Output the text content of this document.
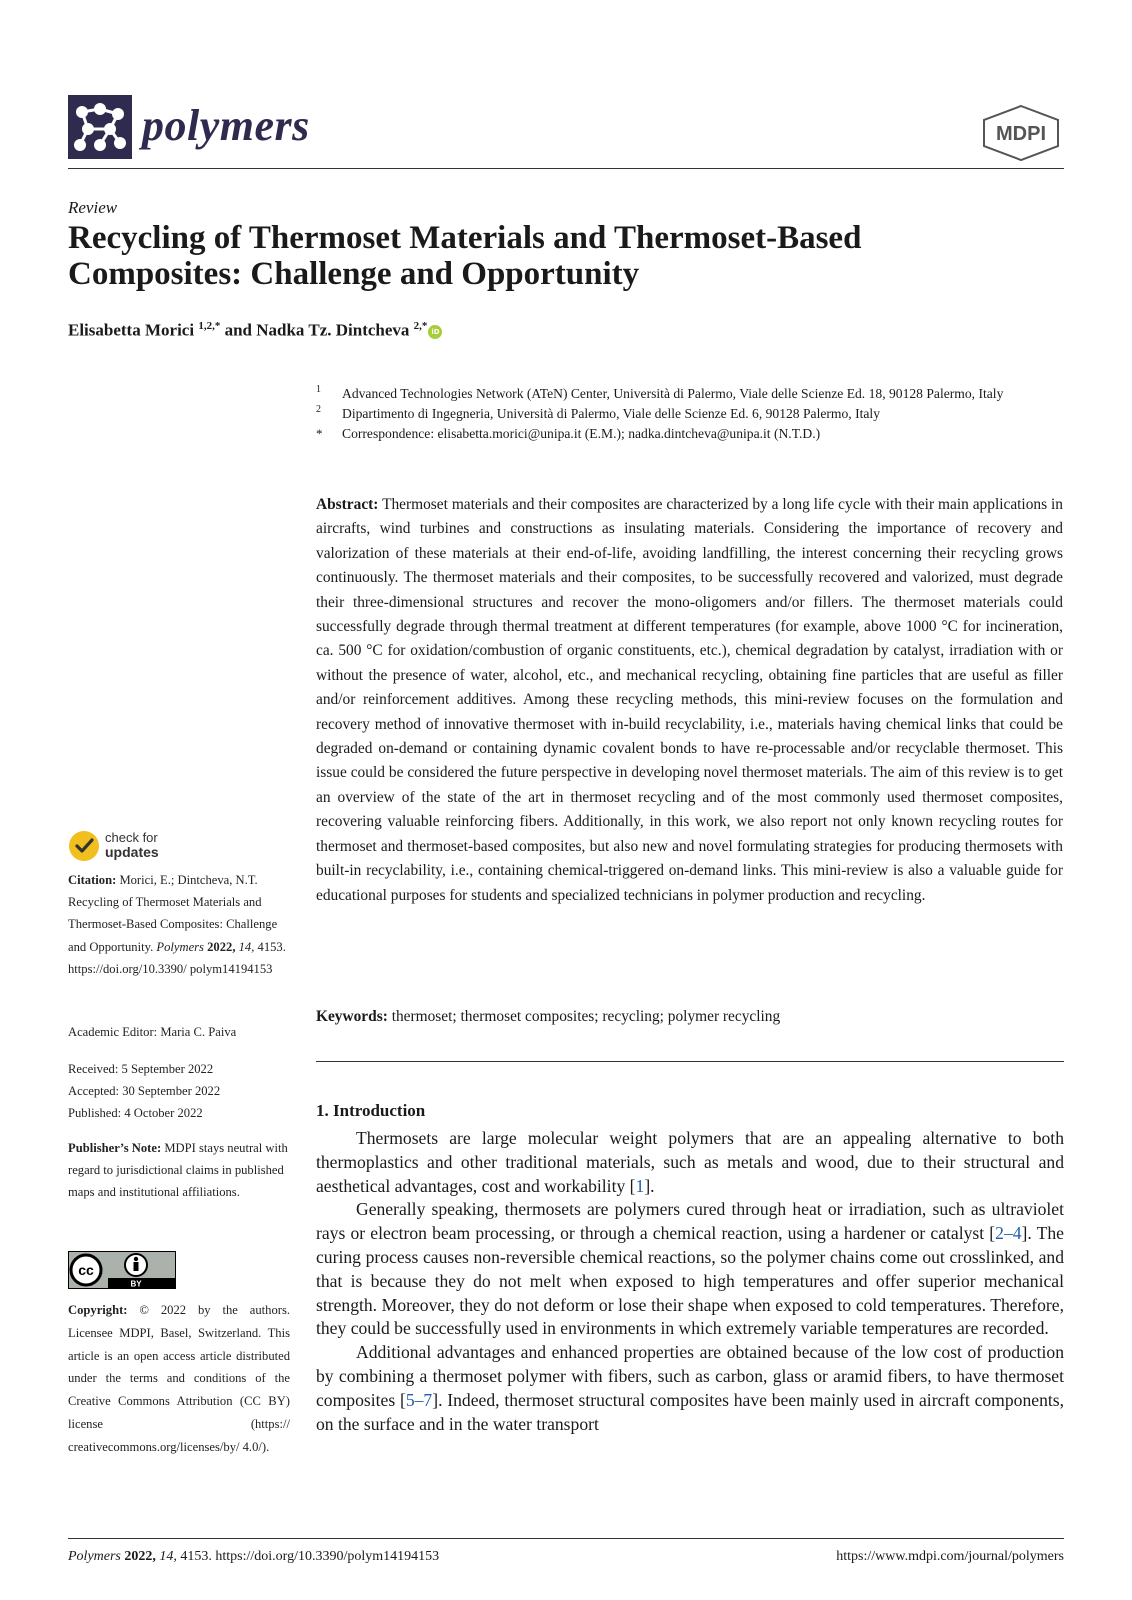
polymers	MDPI
Review
Recycling of Thermoset Materials and Thermoset-Based Composites: Challenge and Opportunity
Elisabetta Morici $^{1,2,*}$ and Nadka Tz. Dintcheva $^{2,*}$ iD
1 Advanced Technologies Network (ATeN) Center, Università di Palermo, Viale delle Scienze Ed. 18, 90128 Palermo, Italy
2 Dipartimento di Ingegneria, Università di Palermo, Viale delle Scienze Ed. 6, 90128 Palermo, Italy
* Correspondence: elisabetta.morici@unipa.it (E.M.); nadka.dintcheva@unipa.it (N.T.D.)
Abstract: Thermoset materials and their composites are characterized by a long life cycle with their main applications in aircrafts, wind turbines and constructions as insulating materials. Considering the importance of recovery and valorization of these materials at their end-of-life, avoiding landfilling, the interest concerning their recycling grows continuously. The thermoset materials and their composites, to be successfully recovered and valorized, must degrade their three-dimensional structures and recover the mono-oligomers and/or fillers. The thermoset materials could successfully degrade through thermal treatment at different temperatures (for example, above 1000 °C for incineration, ca. 500 °C for oxidation/combustion of organic constituents, etc.), chemical degradation by catalyst, irradiation with or without the presence of water, alcohol, etc., and mechanical recycling, obtaining fine particles that are useful as filler and/or reinforcement additives. Among these recycling methods, this mini-review focuses on the formulation and recovery method of innovative thermoset with in-build recyclability, i.e., materials having chemical links that could be degraded on-demand or containing dynamic covalent bonds to have re-processable and/or recyclable thermoset. This issue could be considered the future perspective in developing novel thermoset materials. The aim of this review is to get an overview of the state of the art in thermoset recycling and of the most commonly used thermoset composites, recovering valuable reinforcing fibers. Additionally, in this work, we also report not only known recycling routes for thermoset and thermoset-based composites, but also new and novel formulating strategies for producing thermosets with built-in recyclability, i.e., containing chemical-triggered on-demand links. This mini-review is also a valuable guide for educational purposes for students and specialized technicians in polymer production and recycling.
Keywords: thermoset; thermoset composites; recycling; polymer recycling
1. Introduction

Thermosets are large molecular weight polymers that are an appealing alternative to both thermoplastics and other traditional materials, such as metals and wood, due to their structural and aesthetical advantages, cost and workability [1].

Generally speaking, thermosets are polymers cured through heat or irradiation, such as ultraviolet rays or electron beam processing, or through a chemical reaction, using a hardener or catalyst [2–4]. The curing process causes non-reversible chemical reactions, so the polymer chains come out crosslinked, and that is because they do not melt when exposed to high temperatures and offer superior mechanical strength. Moreover, they do not deform or lose their shape when exposed to cold temperatures. Therefore, they could be successfully used in environments in which extremely variable temperatures are recorded.

Additional advantages and enhanced properties are obtained because of the low cost of production by combining a thermoset polymer with fibers, such as carbon, glass or aramid fibers, to have thermoset composites [5–7]. Indeed, thermoset structural composites have been mainly used in aircraft components, on the surface and in the water transport

check for
updates
Citation: Morici, E.; Dintcheva, N.T. Recycling of Thermoset Materials and Thermoset-Based Composites: Challenge and Opportunity. Polymers 2022, 14, 4153. https://doi.org/10.3390/ polym14194153
Academic Editor: Maria C. Paiva
Received: 5 September 2022
Accepted: 30 September 2022
Published: 4 October 2022
Publisher’s Note: MDPI stays neutral with regard to jurisdictional claims in published maps and institutional affiliations.
cc
BY
Copyright: © 2022 by the authors. Licensee MDPI, Basel, Switzerland. This article is an open access article distributed under the terms and conditions of the Creative Commons Attribution (CC BY) license (https:// creativecommons.org/licenses/by/ 4.0/).
Polymers 2022, 14, 4153. https://doi.org/10.3390/polym14194153	https://www.mdpi.com/journal/polymers
